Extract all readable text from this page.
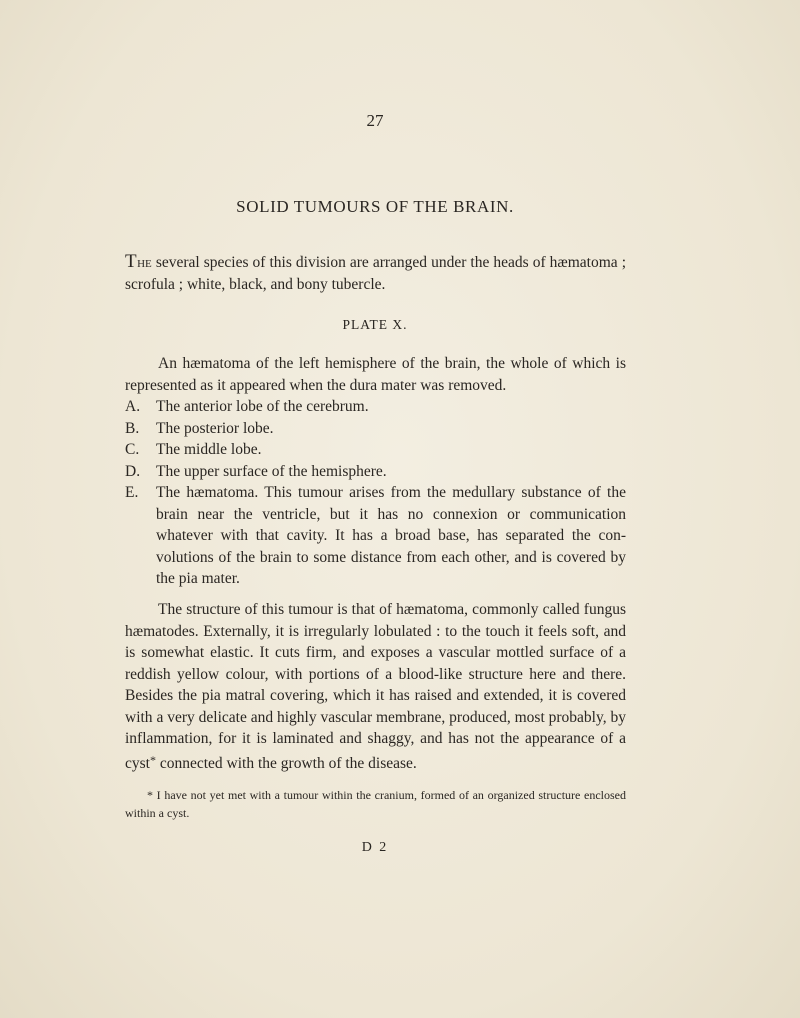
27
SOLID TUMOURS OF THE BRAIN.
The several species of this division are arranged under the heads of hæmatoma ; scrofula ; white, black, and bony tubercle.
PLATE X.
An hæmatoma of the left hemisphere of the brain, the whole of which is represented as it appeared when the dura mater was removed.
A.	The anterior lobe of the cerebrum.
B.	The posterior lobe.
C.	The middle lobe.
D.	The upper surface of the hemisphere.
E.	The hæmatoma. This tumour arises from the medullary substance of the brain near the ventricle, but it has no connexion or communication whatever with that cavity. It has a broad base, has separated the con-volutions of the brain to some distance from each other, and is covered by the pia mater.
The structure of this tumour is that of hæmatoma, commonly called fungus hæmatodes. Externally, it is irregularly lobulated : to the touch it feels soft, and is somewhat elastic. It cuts firm, and exposes a vascular mottled surface of a reddish yellow colour, with portions of a blood-like structure here and there. Besides the pia matral covering, which it has raised and extended, it is covered with a very delicate and highly vascular membrane, produced, most probably, by inflammation, for it is laminated and shaggy, and has not the appearance of a cyst* connected with the growth of the disease.
* I have not yet met with a tumour within the cranium, formed of an organized structure enclosed within a cyst.
D 2
